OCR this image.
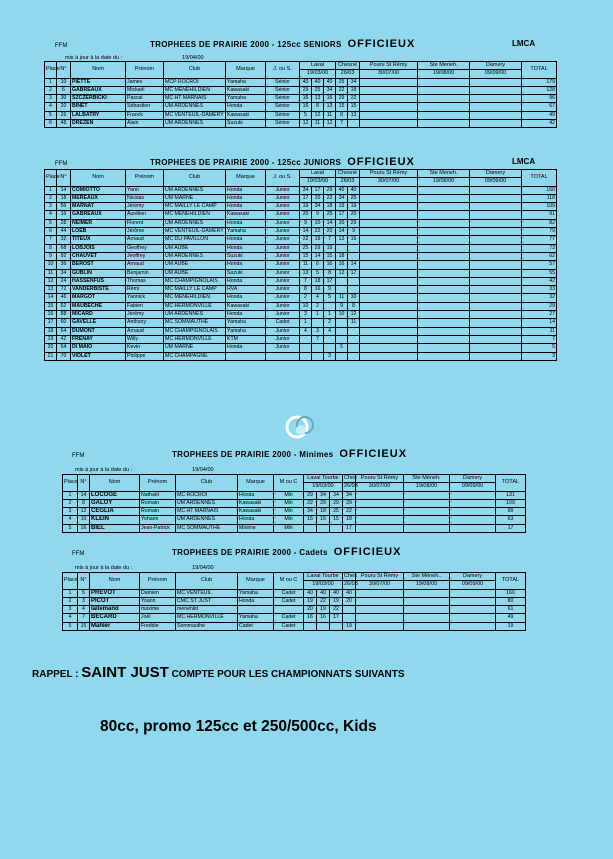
FFM	TROPHEES DE PRAIRIE 2000 - 125cc SENIORS OFFICIEUX	LMCA
mis à jour à la date du :	19/04/00
Place	N°	Nom	Prénom	Club	Marque	J. ou S.	Laval			Chesné		Pouru St Rémy	Ste Meneh.	Damery	TOTAL
							19/03/00			26/03		30/07/00	19/08/00	09/09/00	
1	10	PIETTE	James	MCP ROCROI	Yamaha	Sénior	40	40	40	25	34				179
2	6	GABREAUX	Mickaël	MC MENEHILDIEN	Kawasaki	Sénior	29	25	34	22	18				128
3	30	SZCZERBICKI	Pascal	MC HT MARNAIS	Yamaha	Sénior	16	13	16	29	22				96
4	20	BINET	Sébastien	UM ARDENNES	Honda	Sénior	16	8	13	15	15				67
5	26	LALBATRY	Franck	MC VENTEUIL-DAMERY	Kawasaki	Sénior	5	12	11	8	13				49
6	48	DREZEN	Alain	UM ARDENNES	Suzuki	Sénior	12	11	12	7					42
FFM	TROPHEES DE PRAIRIE 2000 - 125cc JUNIORS OFFICIEUX	LMCA
Place	N°	Nom	Prénom	Club	Marque	J. ou S.	Laval			Chesné		Pouru St Rémy	Ste Meneh.	Damery	TOTAL
							19/03/00			26/03		30/07/00	19/08/00	09/09/00	
1	14	COMIOTTO	Yann	UM ARDENNES	Honda	Junior	34	17	29	40	40				160
2	18	MEREAUX	Nicolas	UM MARNE	Honda	Junior	17	20	22	34	25				118
3	56	MARNAT	Jérémy	MC MAILLY LE CAMP	Honda	Junior	19	34	18	19	19				109
4	16	GABREAUX	Aurélien	MC MENEHILDIEN	Kawasaki	Junior	20	9	25	17	20				91
5	28	NEIMER	Florent	UM ARDENNES	Honda	Junior	9	10	14	20	29				82
6	44	LOEB	Jérôme	MC VENTEUIL-DAMERY	Yamaha	Junior	14	22	20	14	9				79
7	32	TITEUX	Arnaud	MC DU PAVILLON	Honda	Junior	22	19	7	13	16				77
8	68	LOBJOIS	Geoffrey	UM AUBE	Honda	Junior	25	29	19						73
9	92	CHAUVET	Jeoffrey	UM ARDENNES	Suzuki	Junior	15	14	15	18					62
10	36	BEROST	Arnaud	UM AUBE	Honda	Junior	11	6	10	16	14				57
11	34	GUBLIN	Benjamin	UM AUBE	Suzuki	Junior	13	5	8	12	17				55
12	24	HASSENFUS	Thomas	MC CHAMPIGNOLAIS	Honda	Junior	7	18	17						42
13	72	VANDERBISTE	Rémi	MC MAILLY LE CAMP	HVA	Junior	8	16	9						33
14	46	MARGOT	Yannick	MC MENEHILDIEN	Honda	Junior	2	4	5	11	10				32
15	62	MAUBECHE	Fabien	MC HERMONVILLE	Kawasaki	Junior	10	2		9	8				29
16	88	MICARD	Jérémy	UM ARDENNES	Honda	Junior	3	1	1	10	12				27
17	60	GAVELLE	Anthony	MC SOMMAUTHE	Yamaha	Cadet	1		2		11				14
18	64	DUMONT	Arnaud	MC CHAMPIGNOLAIS	Yamaha	Junior	4	3	4						11
19	42	FRENAY	Willy	MC HERMONVILLE	KTM	Junior		7							7
20	54	DI MAIO	Kevin	UM MARNE	Honda	Junior				5					5
21	70	VIOLET	Philippe	MC CHAMPAGNE					3						3
FFM	TROPHEES DE PRAIRIE 2000 - Minimes OFFICIEUX
mis à jour à la date du :	19/04/00
Place	N°	Nom	Prénom	Club	Marque	M ou C	Laval Tourbe			Ches	Pouru St Rémy	Ste Méneh.	Damery	TOTAL
							19/03/00			26/03	30/07/00	19/08/00	09/09/00	
1	14	LOCOGE	Nathaël	MC ROCROI	Honda	Min	29	34	34	34				131
2	8	GALOY	Romain	UM ARDENNES	Kawasaki	Min	22	29	29	29				109
3	12	CEGLIA	Romain	MC HT MARNAIS	Kawasaki	Min	34	18	25	22				99
4	10	KLEIN	Yohann	UM ARDENNES	Honda	Min	15	15	15	18				63
5	16	BIEL	Jean-Patrick	MC SOMMAUTHE	Minime	Min				17				17
FFM	TROPHEES DE PRAIRIE 2000 - Cadets OFFICIEUX
mis à jour à la date du :	19/04/00
Place	N°	Nom	Prénom	Club	Marque	M ou C	Laval Tourbe			Ches	Pouru St Rémy	Ste Méneh..	Damery	TOTAL
							19/03/00			26/03	30/07/00	19/08/00	09/09/00	
1	5	PREVOT	Damien	MC VENTEUIL	Yamaha	Cadet	40	40	40	40				160
2	3	PICOT	Yoann	CMC ST JUST	Honda	Cadet	19	22	19	20				80
3	4	lallemand	maxime	menehild			20	19	22					61
4	7	BECARD	Joël	MC HERMONVILLE	Yamaha	Cadet	16	16	17					49
5	15	Mahler	Freddie	Sommauthe	Cadet	Cadet				19				19
RAPPEL : SAINT JUST COMPTE POUR LES CHAMPIONNATS SUIVANTS
80cc, promo 125cc et 250/500cc, Kids
